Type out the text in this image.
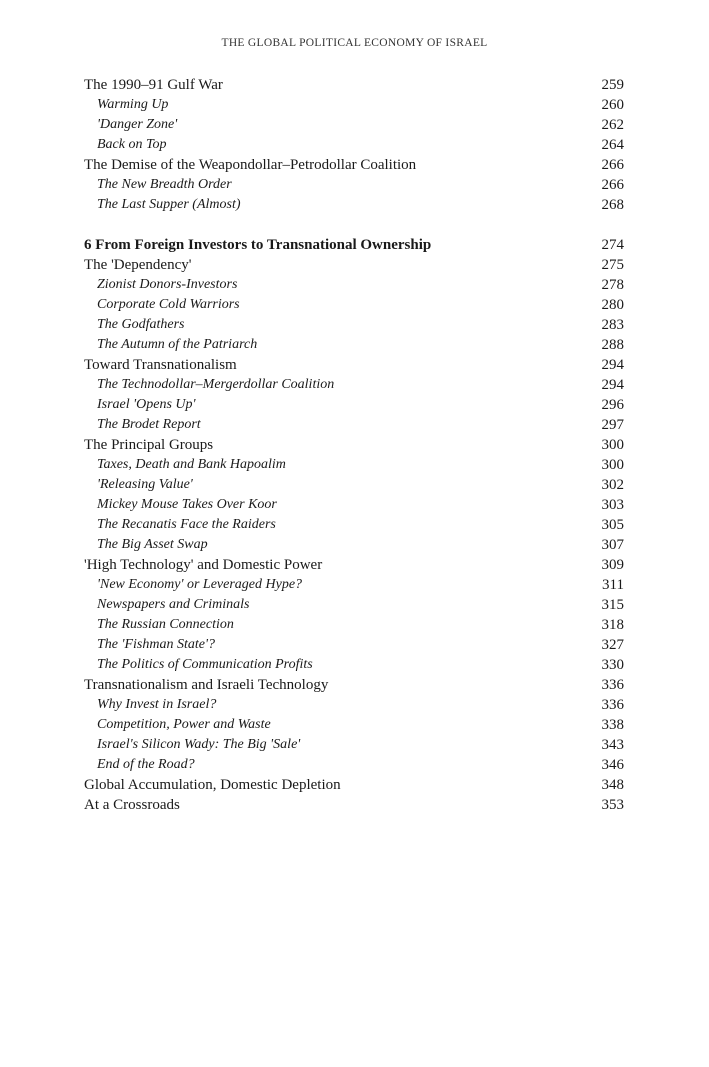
THE GLOBAL POLITICAL ECONOMY OF ISRAEL
The 1990–91 Gulf War	259
Warming Up	260
'Danger Zone'	262
Back on Top	264
The Demise of the Weapondollar–Petrodollar Coalition	266
The New Breadth Order	266
The Last Supper (Almost)	268
6 From Foreign Investors to Transnational Ownership	274
The 'Dependency'	275
Zionist Donors-Investors	278
Corporate Cold Warriors	280
The Godfathers	283
The Autumn of the Patriarch	288
Toward Transnationalism	294
The Technodollar–Mergerdollar Coalition	294
Israel 'Opens Up'	296
The Brodet Report	297
The Principal Groups	300
Taxes, Death and Bank Hapoalim	300
'Releasing Value'	302
Mickey Mouse Takes Over Koor	303
The Recanatis Face the Raiders	305
The Big Asset Swap	307
'High Technology' and Domestic Power	309
'New Economy' or Leveraged Hype?	311
Newspapers and Criminals	315
The Russian Connection	318
The 'Fishman State'?	327
The Politics of Communication Profits	330
Transnationalism and Israeli Technology	336
Why Invest in Israel?	336
Competition, Power and Waste	338
Israel's Silicon Wady: The Big 'Sale'	343
End of the Road?	346
Global Accumulation, Domestic Depletion	348
At a Crossroads	353
